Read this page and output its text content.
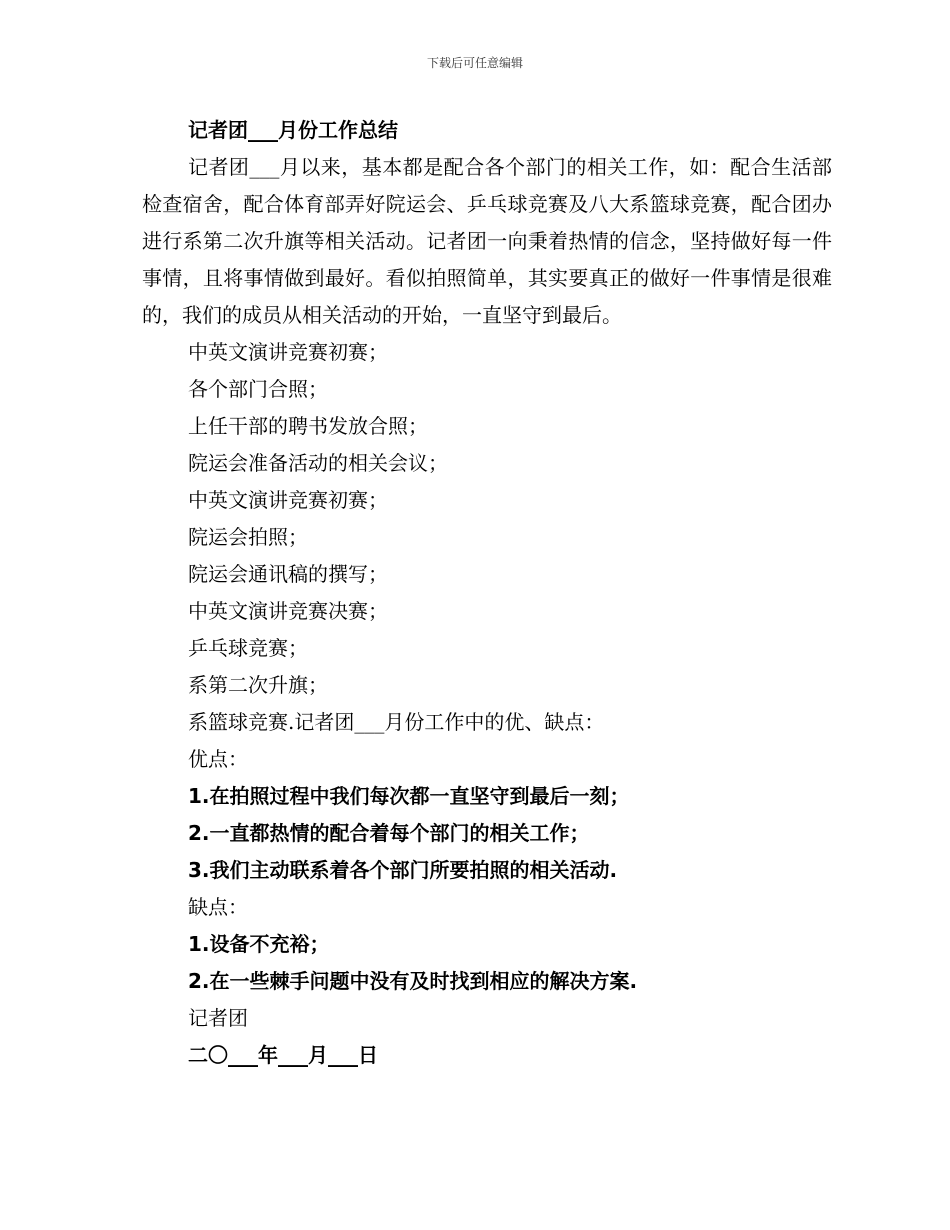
下载后可任意编辑
记者团___月份工作总结

记者团___月以来，基本都是配合各个部门的相关工作，如：配合生活部检查宿舍，配合体育部弄好院运会、乒乓球竞赛及八大系篮球竞赛，配合团办进行系第二次升旗等相关活动。记者团一向秉着热情的信念，坚持做好每一件事情，且将事情做到最好。看似拍照简单，其实要真正的做好一件事情是很难的，我们的成员从相关活动的开始，一直坚守到最后。

中英文演讲竞赛初赛；
各个部门合照；
上任干部的聘书发放合照；
院运会准备活动的相关会议；
中英文演讲竞赛初赛；
院运会拍照；
院运会通讯稿的撰写；
中英文演讲竞赛决赛；
乒乓球竞赛；
系第二次升旗；
系篮球竞赛.记者团___月份工作中的优、缺点：
优点：
1.在拍照过程中我们每次都一直坚守到最后一刻；
2.一直都热情的配合着每个部门的相关工作；
3.我们主动联系着各个部门所要拍照的相关活动.
缺点：
1.设备不充裕；
2.在一些棘手问题中没有及时找到相应的解决方案.
记者团
二〇___年___月___日
